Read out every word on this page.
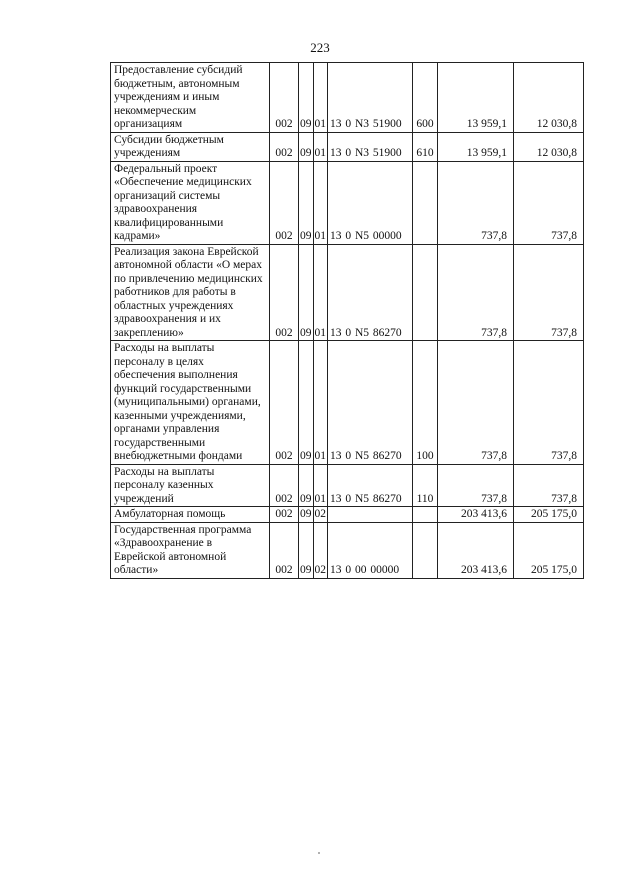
223
Предоставление субсидий бюджетным, автономным учреждениям и иным некоммерческим организациям	002	09	01	13 0 N3 51900	600	13 959,1	12 030,8
Субсидии бюджетным учреждениям	002	09	01	13 0 N3 51900	610	13 959,1	12 030,8
Федеральный проект «Обеспечение медицинских организаций системы здравоохранения квалифицированными кадрами»	002	09	01	13 0 N5 00000		737,8	737,8
Реализация закона Еврейской автономной области «О мерах по привлечению медицинских работников для работы в областных учреждениях здравоохранения и их закреплению»	002	09	01	13 0 N5 86270		737,8	737,8
Расходы на выплаты персоналу в целях обеспечения выполнения функций государственными (муниципальными) органами, казенными учреждениями, органами управления государственными внебюджетными фондами	002	09	01	13 0 N5 86270	100	737,8	737,8
Расходы на выплаты персоналу казенных учреждений	002	09	01	13 0 N5 86270	110	737,8	737,8
Амбулаторная помощь	002	09	02			203 413,6	205 175,0
Государственная программа «Здравоохранение в Еврейской автономной области»	002	09	02	13 0 00 00000		203 413,6	205 175,0
